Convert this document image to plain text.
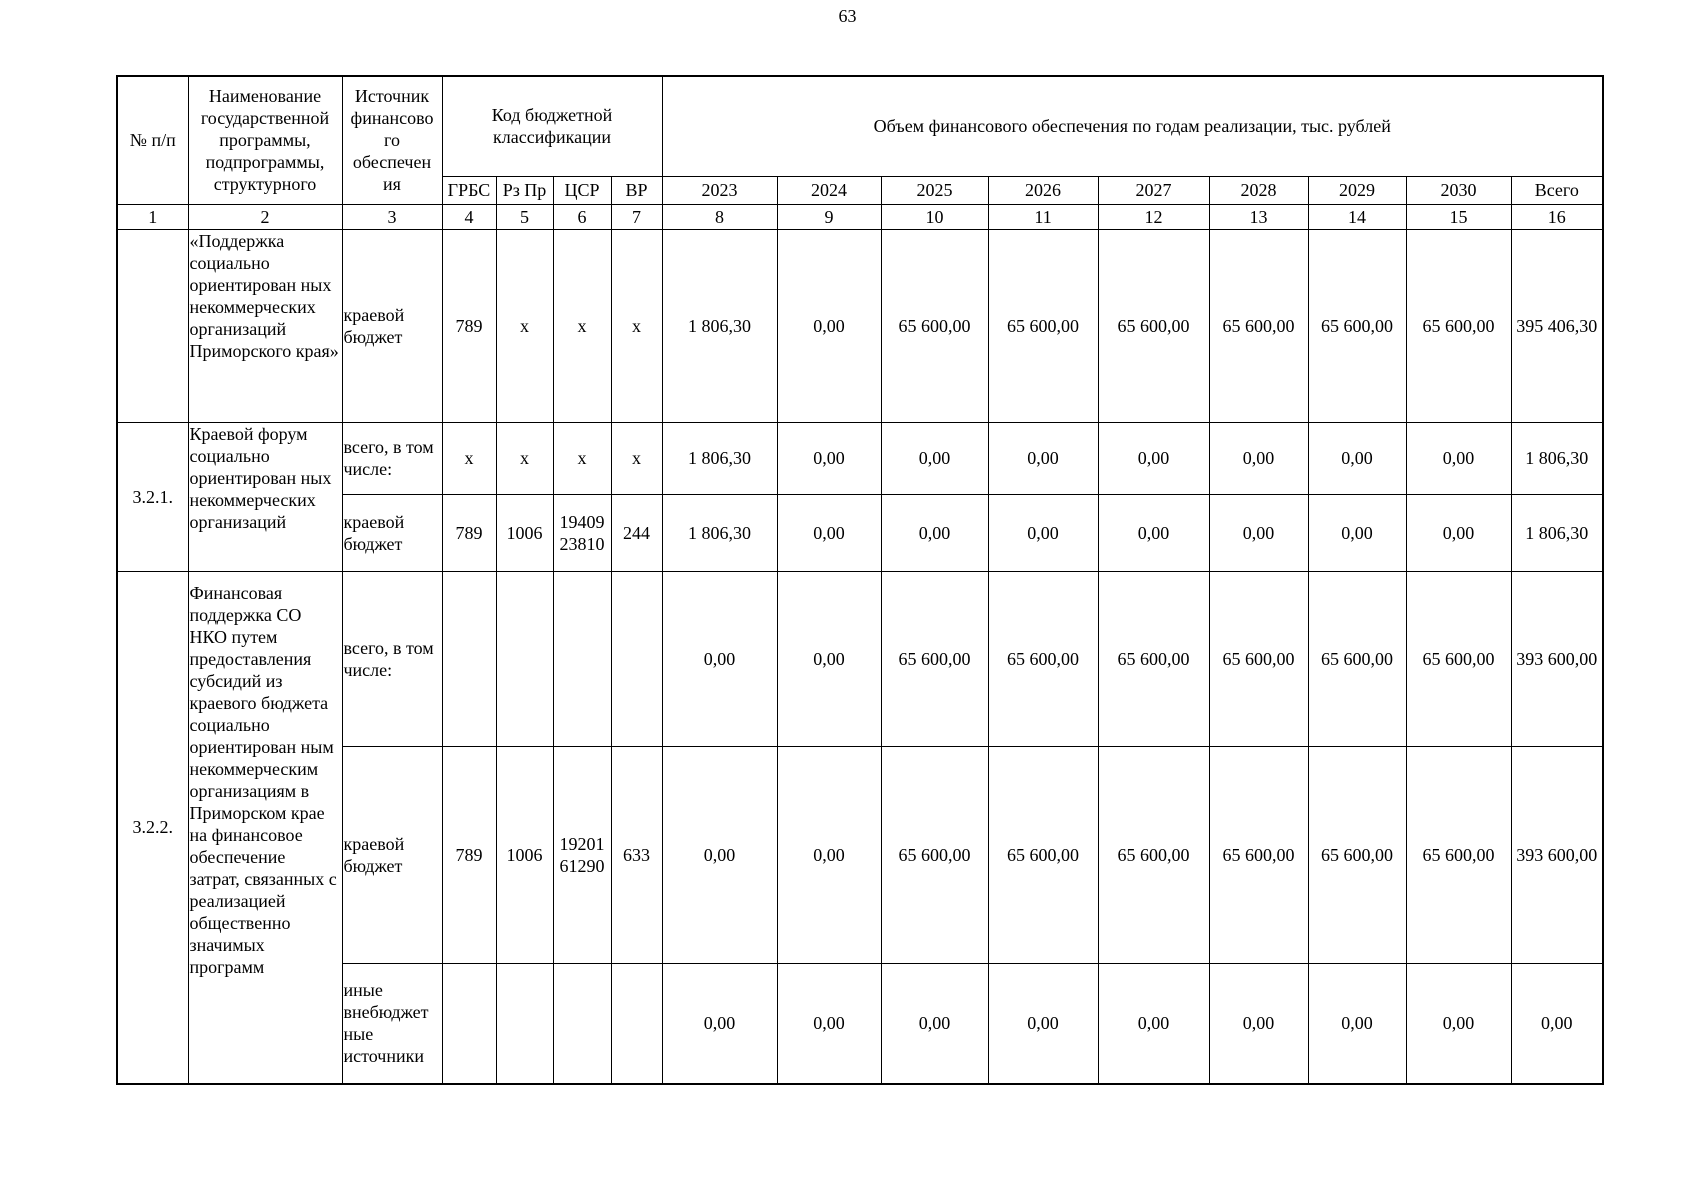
63
№ п/п	Наименование государственной программы, подпрограммы, структурного	Источник финансово го обеспечен ия	Код бюджетной классификации				Объем финансового обеспечения по годам реализации, тыс. рублей								
			ГРБС	Рз Пр	ЦСР	ВР	2023	2024	2025	2026	2027	2028	2029	2030	Всего
1	2	3	4	5	6	7	8	9	10	11	12	13	14	15	16
	«Поддержка социально ориентирован ных некоммерческих организаций Приморского края»	краевой бюджет	789	х	х	х	1 806,30	0,00	65 600,00	65 600,00	65 600,00	65 600,00	65 600,00	65 600,00	395 406,30
3.2.1.	Краевой форум социально ориентирован ных некоммерческих организаций	всего, в том числе:	х	х	х	х	1 806,30	0,00	0,00	0,00	0,00	0,00	0,00	0,00	1 806,30
		краевой бюджет	789	1006	19409 23810	244	1 806,30	0,00	0,00	0,00	0,00	0,00	0,00	0,00	1 806,30
3.2.2.	Финансовая поддержка СО НКО путем предоставления субсидий из краевого бюджета социально ориентирован ным некоммерческим организациям в Приморском крае на финансовое обеспечение затрат, связанных с реализацией общественно значимых программ	всего, в том числе:					0,00	0,00	65 600,00	65 600,00	65 600,00	65 600,00	65 600,00	65 600,00	393 600,00
		краевой бюджет	789	1006	19201 61290	633	0,00	0,00	65 600,00	65 600,00	65 600,00	65 600,00	65 600,00	65 600,00	393 600,00
		иные внебюджет ные источники					0,00	0,00	0,00	0,00	0,00	0,00	0,00	0,00	0,00
